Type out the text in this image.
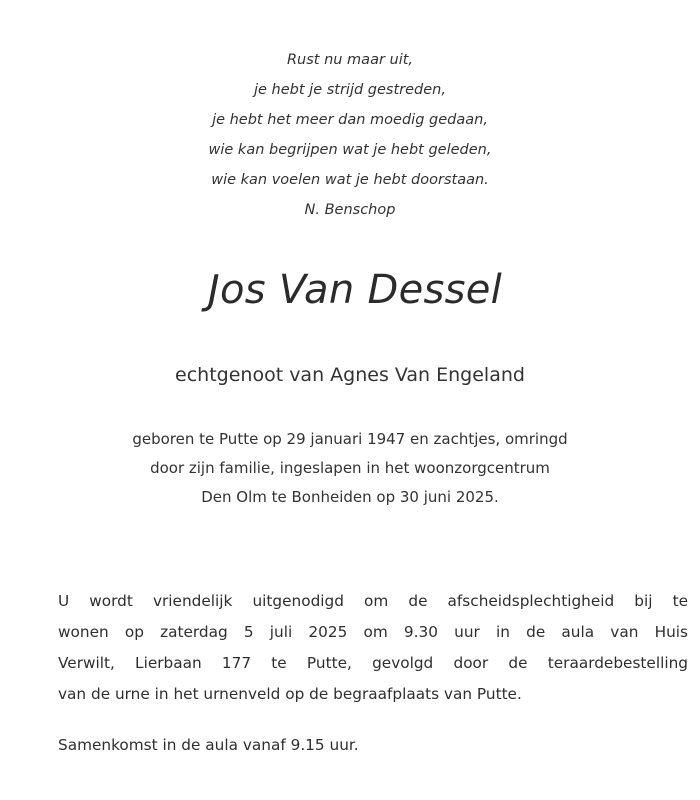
Rust nu maar uit,
je hebt je strijd gestreden,
je hebt het meer dan moedig gedaan,
wie kan begrijpen wat je hebt geleden,
wie kan voelen wat je hebt doorstaan.
N. Benschop
Jos Van Dessel
echtgenoot van Agnes Van Engeland
geboren te Putte op 29 januari 1947 en zachtjes, omringd
door zijn familie, ingeslapen in het woonzorgcentrum
Den Olm te Bonheiden op 30 juni 2025.
U wordt vriendelijk uitgenodigd om de afscheidsplechtigheid bij te
wonen op zaterdag 5 juli 2025 om 9.30 uur in de aula van Huis
Verwilt, Lierbaan 177 te Putte, gevolgd door de teraardebestelling
van de urne in het urnenveld op de begraafplaats van Putte.
Samenkomst in de aula vanaf 9.15 uur.
